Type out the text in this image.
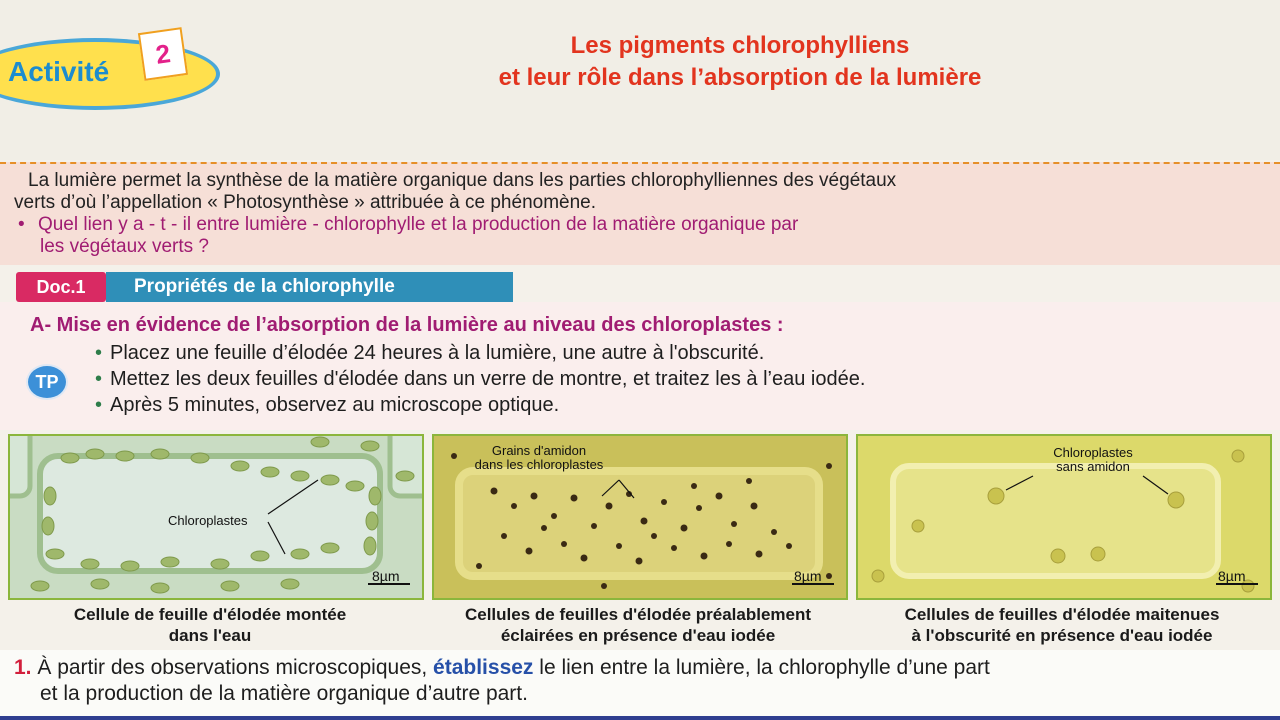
Activité
2	Les pigments chlorophylliens
et leur rôle dans l’absorption de la lumière

La lumière permet la synthèse de la matière organique dans les parties chlorophylliennes des végétaux

verts d’où l’appellation « Photosynthèse » attribuée à ce phénomène.

• Quel lien y a - t - il entre lumière - chlorophylle et la production de la matière organique par

les végétaux verts ?

Doc.1	Propriétés de la chlorophylle
A- Mise en évidence de l’absorption de la lumière au niveau des chloroplastes :
TP
• Placez une feuille d’élodée 24 heures à la lumière, une autre à l'obscurité.
• Mettez les deux feuilles d'élodée dans un verre de montre, et traitez les à l’eau iodée.
• Après 5 minutes, observez au microscope optique.
Chloroplastes
8µm
Grains d'amidon
dans les chloroplastes
8µm
Chloroplastes
sans amidon
8µm
Cellule de feuille d'élodée montée
dans l'eau
Cellules de feuilles d'élodée préalablement
éclairées en présence d'eau iodée
Cellules de feuilles d'élodée maitenues
à l'obscurité en présence d'eau iodée

1. À partir des observations microscopiques, établissez le lien entre la lumière, la chlorophylle d’une part

et la production de la matière organique d’autre part.
